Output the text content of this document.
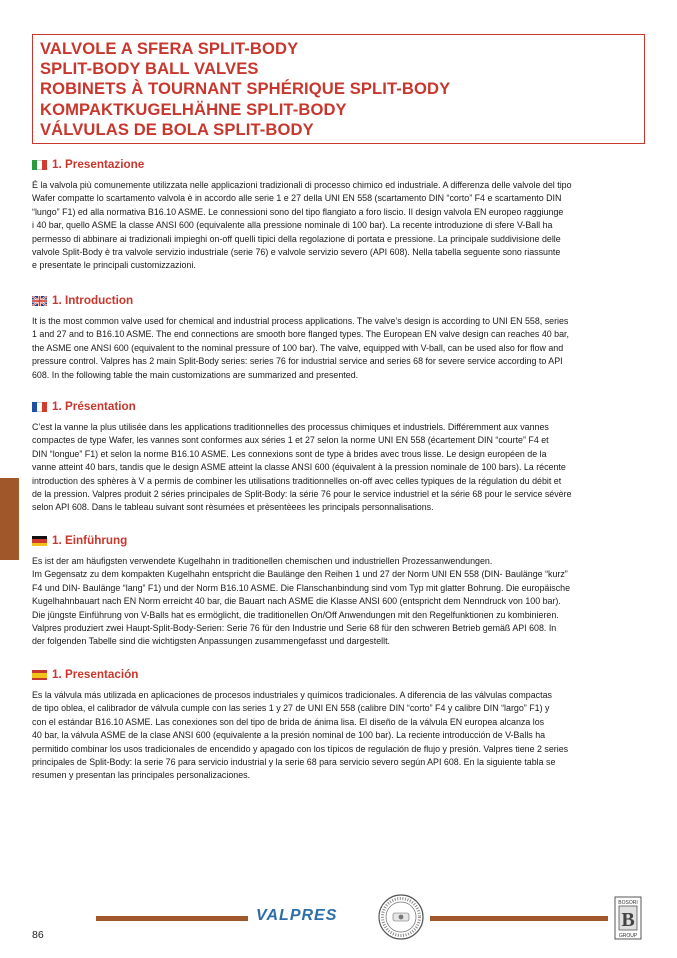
VALVOLE A SFERA SPLIT-BODY
SPLIT-BODY BALL VALVES
ROBINETS À TOURNANT SPHÉRIQUE SPLIT-BODY
KOMPAKTKUGELHÄHNE SPLIT-BODY
VÁLVULAS DE BOLA SPLIT-BODY
1. Presentazione
É la valvola più comunemente utilizzata nelle applicazioni tradizionali di processo chimico ed industriale. A differenza delle valvole del tipo
Wafer compatte lo scartamento valvola è in accordo alle serie 1 e 27 della UNI EN 558 (scartamento DIN “corto” F4 e scartamento DIN
“lungo” F1) ed alla normativa B16.10 ASME. Le connessioni sono del tipo flangiato a foro liscio. Il design valvola EN europeo raggiunge
i 40 bar, quello ASME la classe ANSI 600 (equivalente alla pressione nominale di 100 bar). La recente introduzione di sfere V-Ball ha
permesso di abbinare ai tradizionali impieghi on-off quelli tipici della regolazione di portata e pressione. La principale suddivisione delle
valvole Split-Body è tra valvole servizio industriale (serie 76) e valvole servizio severo (API 608). Nella tabella seguente sono riassunte
e presentate le principali customizzazioni.
1. Introduction
It is the most common valve used for chemical and industrial process applications. The valve’s design is according to UNI EN 558, series
1 and 27 and to B16.10 ASME. The end connections are smooth bore flanged types. The European EN valve design can reaches 40 bar,
the ASME one ANSI 600 (equivalent to the nominal pressure of 100 bar). The valve, equipped with V-ball, can be used also for flow and
pressure control. Valpres has 2 main Split-Body series: series 76 for industrial service and series 68 for severe service according to API
608. In the following table the main customizations are summarized and presented.
1. Présentation
C’est la vanne la plus utilisée dans les applications traditionnelles des processus chimiques et industriels. Différemment aux vannes
compactes de type Wafer, les vannes sont conformes aux séries 1 et 27 selon la norme UNI EN 558 (écartement DIN “courte” F4 et
DIN “longue” F1) et selon la norme B16.10 ASME. Les connexions sont de type à brides avec trous lisse. Le design européen de la
vanne atteint 40 bars, tandis que le design ASME atteint la classe ANSI 600 (équivalent à la pression nominale de 100 bars). La récente
introduction des sphères à V a permis de combiner les utilisations traditionnelles on-off avec celles typiques de la régulation du débit et
de la pression. Valpres produit 2 séries principales de Split-Body: la série 76 pour le service industriel et la série 68 pour le service sévère
selon API 608. Dans le tableau suivant sont rèsumées et prèsentèees les principals personnalisations.
1. Einführung
Es ist der am häufigsten verwendete Kugelhahn in traditionellen chemischen und industriellen Prozessanwendungen.
Im Gegensatz zu dem kompakten Kugelhahn entspricht die Baulänge den Reihen 1 und 27 der Norm UNI EN 558 (DIN- Baulänge “kurz”
F4 und DIN- Baulänge “lang” F1) und der Norm B16.10 ASME. Die Flanschanbindung sind vom Typ mit glatter Bohrung. Die europäische
Kugelhahnbauart nach EN Norm erreicht 40 bar, die Bauart nach ASME die Klasse ANSI 600 (entspricht dem Nenndruck von 100 bar).
Die jüngste Einführung von V-Balls hat es ermöglicht, die traditionellen On/Off Anwendungen mit den Regelfunktionen zu kombinieren.
Valpres produziert zwei Haupt-Split-Body-Serien: Serie 76 für den Industrie und Serie 68 für den schweren Betrieb gemäß API 608. In
der folgenden Tabelle sind die wichtigsten Anpassungen zusammengefasst und dargestellt.
1. Presentación
Es la válvula más utilizada en aplicaciones de procesos industriales y químicos tradicionales. A diferencia de las válvulas compactas
de tipo oblea, el calibrador de válvula cumple con las series 1 y 27 de UNI EN 558 (calibre DIN “corto” F4 y calibre DIN “largo” F1) y
con el estándar B16.10 ASME. Las conexiones son del tipo de brida de ánima lisa. El diseño de la válvula EN europea alcanza los
40 bar, la válvula ASME de la clase ANSI 600 (equivalente a la presión nominal de 100 bar). La reciente introducción de V-Balls ha
permitido combinar los usos tradicionales de encendido y apagado con los típicos de regulación de flujo y presión. Valpres tiene 2 series
principales de Split-Body: la serie 76 para servicio industrial y la serie 68 para servicio severo según API 608. En la siguiente tabla se
resumen y presentan las principales personalizaciones.
VALPRES
BOSORI
B
GROUP
86
